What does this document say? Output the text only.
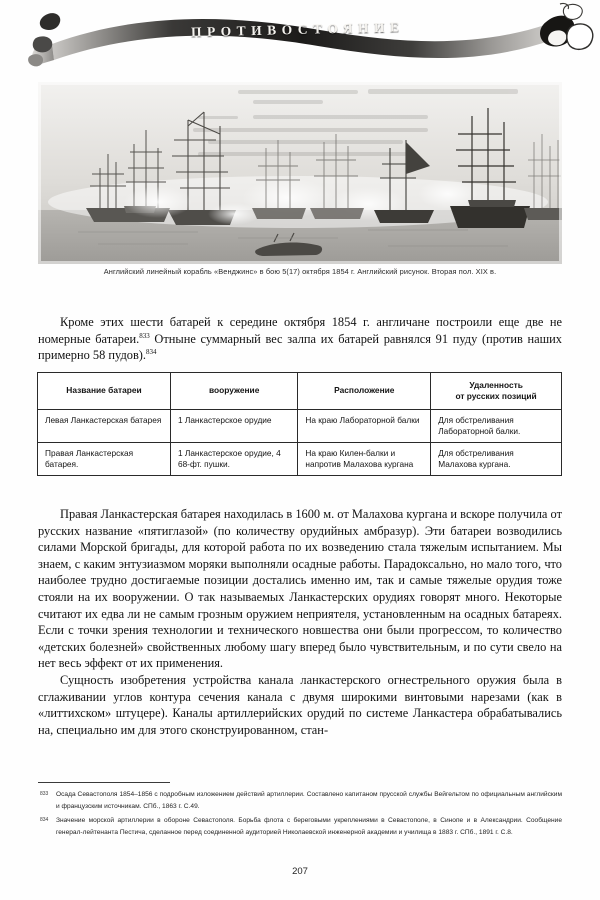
ПРОТИВОСТОЯНИЕ
Английский линейный корабль «Венджинс» в бою 5(17) октября 1854 г. Английский рисунок. Вторая пол. XIX в.

Кроме этих шести батарей к середине октября 1854 г. англичане построили еще две не номерные батареи.$^{833}$ Отныне суммарный вес залпа их батарей равнялся 91 пуду (против наших примерно 58 пудов).$^{834}$

Название батареи	вооружение	Расположение	Удаленность
от русских позиций

Левая Ланкастерская батарея	1 Ланкастерское орудие	На краю Лабораторной балки	Для обстреливания Лабораторной балки.
Правая Ланкастерская батарея.	1 Ланкастерское орудие, 4 68-фт. пушки.	На краю Килен-балки и напротив Малахова кургана	Для обстреливания Малахова кургана.

Правая Ланкастерская батарея находилась в 1600 м. от Малахова кургана и вскоре получила от русских название «пятиглазой» (по количеству орудийных амбразур). Эти батареи возводились силами Морской бригады, для которой работа по их возведению стала тяжелым испытанием. Мы знаем, с каким энтузиазмом моряки выполняли осадные работы. Парадоксально, но мало того, что наиболее трудно достигаемые позиции достались именно им, так и самые тяжелые орудия тоже стояли на их вооружении. О так называемых Ланкастерских орудиях говорят много. Некоторые считают их едва ли не самым грозным оружием неприятеля, установленным на осадных батареях. Если с точки зрения технологии и технического новшества они были прогрессом, то количество «детских болезней» свойственных любому шагу вперед было чувствительным, и по сути свело на нет весь эффект от их применения.

Сущность изобретения устройства канала ланкастерского огнестрельного оружия была в сглаживании углов контура сечения канала с двумя широкими винтовыми нарезами (как в «литтихском» штуцере). Каналы артиллерийских орудий по системе Ланкастера обрабатывались на, специально им для этого сконструированном, стан-

833 Осада Севастополя 1854–1856 с подробным изложением действий артиллерии. Составлено капитаном прусской службы Вейгельтом по официальным английским и французским источникам. СПб., 1863 г. С.49.
834 Значение морской артиллерии в обороне Севастополя. Борьба флота с береговыми укреплениями в Севастополе, в Синопе и в Александрии. Сообщение генерал-лейтенанта Пестича, сделанное перед соединенной аудиторией Николаевской инженерной академии и училища в 1883 г. СПб., 1891 г. С.8.
207
